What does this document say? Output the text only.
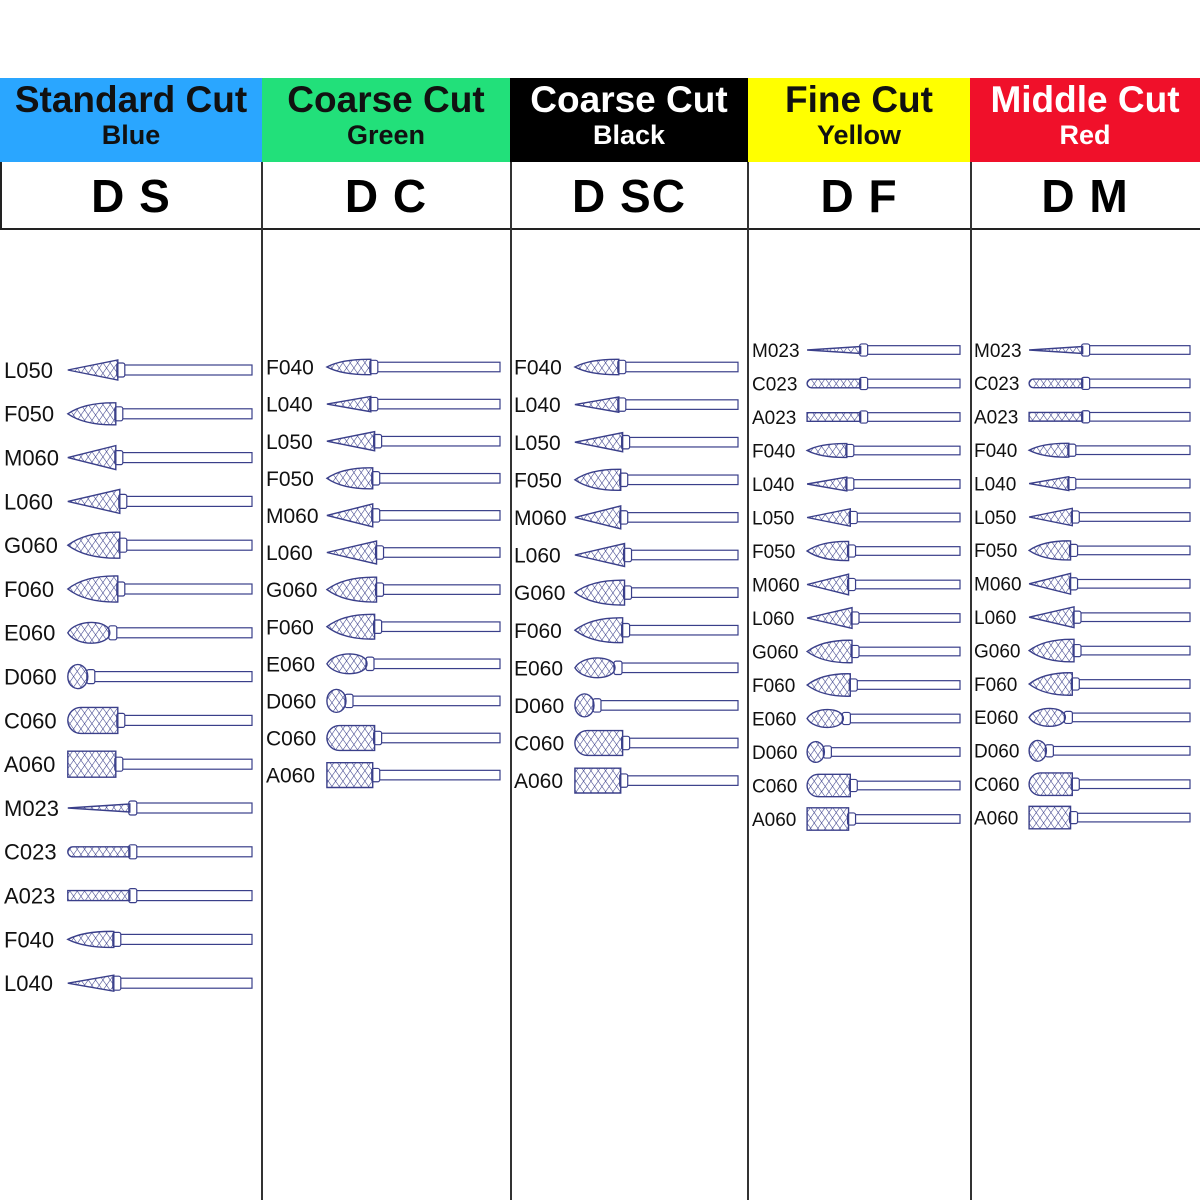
Standard Cut
Blue
D S
L050
F050
M060
L060
G060
F060
E060
D060
C060
A060
M023
C023
A023
F040
L040
Coarse Cut
Green
D C
F040
L040
L050
F050
M060
L060
G060
F060
E060
D060
C060
A060
Coarse Cut
Black
D SC
F040
L040
L050
F050
M060
L060
G060
F060
E060
D060
C060
A060
Fine Cut
Yellow
D F
M023
C023
A023
F040
L040
L050
F050
M060
L060
G060
F060
E060
D060
C060
A060
Middle Cut
Red
D M
M023
C023
A023
F040
L040
L050
F050
M060
L060
G060
F060
E060
D060
C060
A060
